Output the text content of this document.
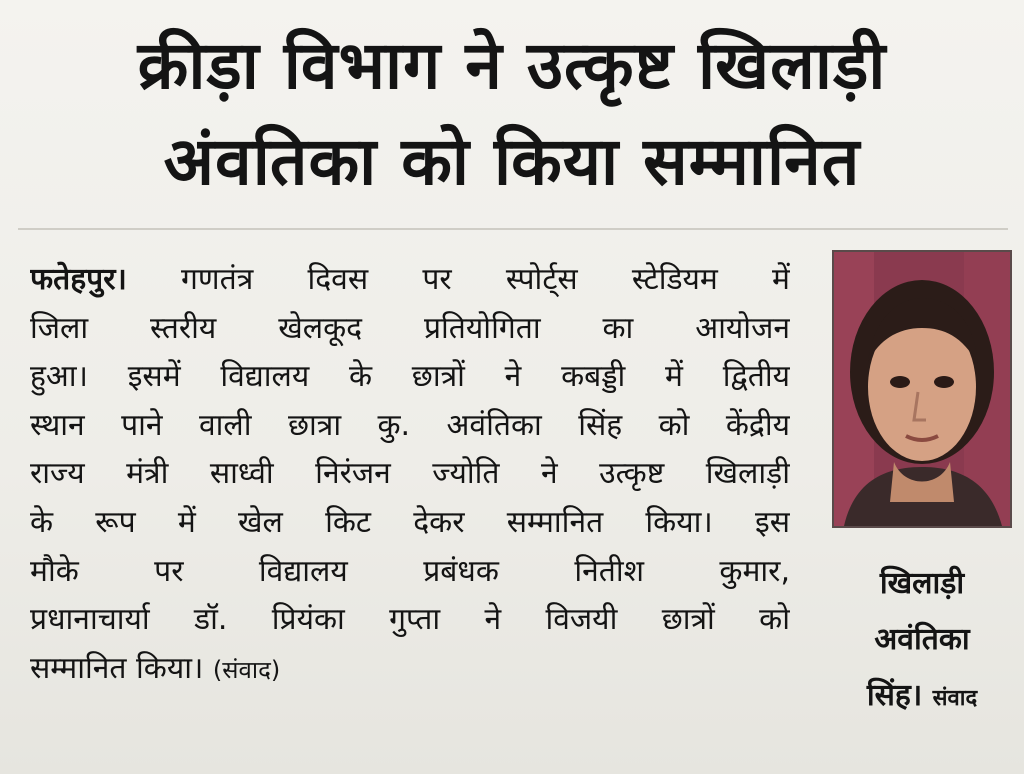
क्रीड़ा विभाग ने उत्कृष्ट खिलाड़ी
अंवतिका को किया सम्मानित
फतेहपुर। गणतंत्र दिवस पर स्पोर्ट्स स्टेडियम में
जिला स्तरीय खेलकूद प्रतियोगिता का आयोजन
हुआ। इसमें विद्यालय के छात्रों ने कबड्डी में द्वितीय
स्थान पाने वाली छात्रा कु. अवंतिका सिंह को केंद्रीय
राज्य मंत्री साध्वी निरंजन ज्योति ने उत्कृष्ट खिलाड़ी
के रूप में खेल किट देकर सम्मानित किया। इस
मौके पर विद्यालय प्रबंधक नितीश कुमार,
प्रधानाचार्या डॉ. प्रियंका गुप्ता ने विजयी छात्रों को
सम्मानित किया। (संवाद)
खिलाड़ी
अवंतिका
सिंह। संवाद
